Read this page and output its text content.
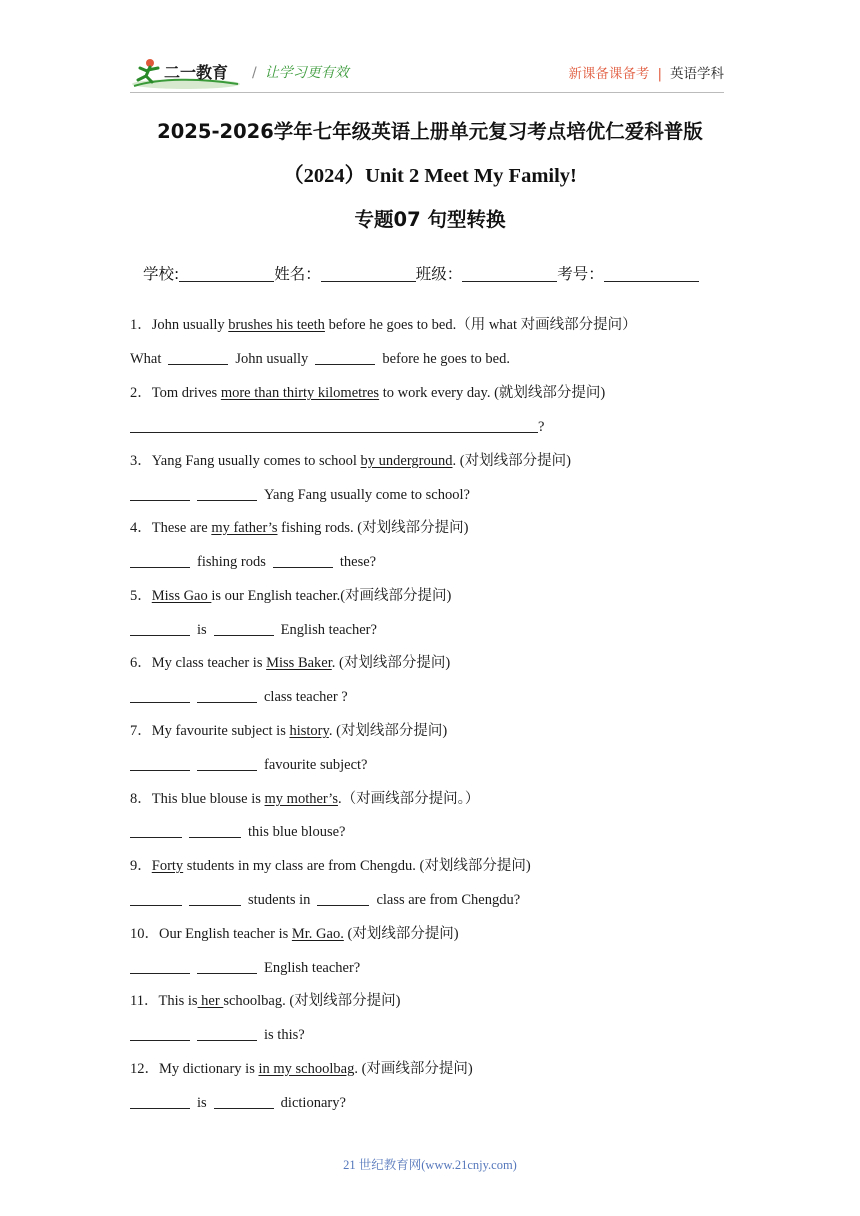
二一教育 / 让学习更有效	新课备课备考 | 英语学科
2025-2026学年七年级英语上册单元复习考点培优仁爱科普版
（2024）Unit 2 Meet My Family!
专题07 句型转换
学校:	姓名：	班级：	考号：
1．John usually brushes his teeth before he goes to bed.（用 what 对画线部分提问）
What	John usually	before he goes to bed.
2．Tom drives more than thirty kilometres to work every day. (就划线部分提问)
?
3．Yang Fang usually comes to school by underground. (对划线部分提问)
Yang Fang usually come to school?
4．These are my father’s fishing rods. (对划线部分提问)
fishing rods	these?
5．Miss Gao is our English teacher.(对画线部分提问)
is	English teacher?
6．My class teacher is Miss Baker. (对划线部分提问)
class teacher ?
7．My favourite subject is history. (对划线部分提问)
favourite subject?
8．This blue blouse is my mother’s.（对画线部分提问。）
this blue blouse?
9．Forty students in my class are from Chengdu. (对划线部分提问)
students in	class are from Chengdu?
10．Our English teacher is Mr. Gao. (对划线部分提问)
English teacher?
11．This is her schoolbag. (对划线部分提问)
is this?
12．My dictionary is in my schoolbag. (对画线部分提问)
is	dictionary?
21 世纪教育网(www.21cnjy.com)
